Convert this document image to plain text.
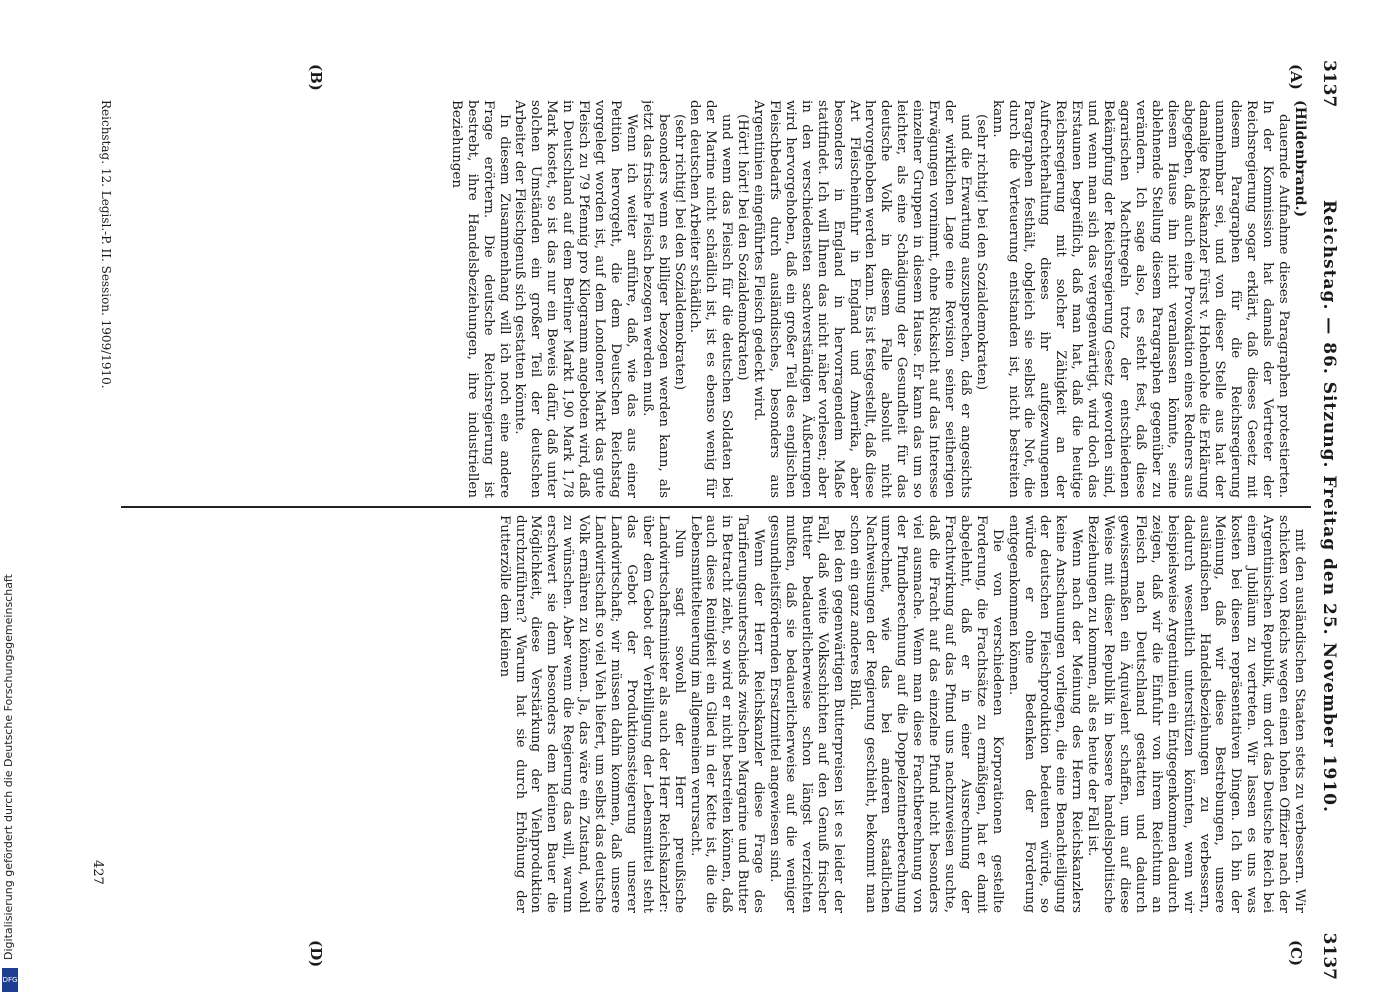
3137
Reichstag. — 86. Sitzung. Freitag den 25. November 1910.
3137
(Hildenbrand.)
(A)
(B)
(C)
(D)

dauernde Aufnahme dieses Paragraphen protestierten. In der Kommission hat damals der Vertreter der Reichsregierung sogar erklärt, daß dieses Gesetz mit diesem Paragraphen für die Reichsregierung unannehmbar sei, und von dieser Stelle aus hat der damalige Reichskanzler Fürst v. Hohenlohe die Erklärung abgegeben, daß auch eine Provokation eines Redners aus diesem Hause ihn nicht veranlassen könnte, seine ablehnende Stellung diesem Paragraphen gegenüber zu verändern. Ich sage also, es steht fest, daß diese agrarischen Machtregeln trotz der entschiedenen Bekämpfung der Reichsregierung Gesetz geworden sind, und wenn man sich das vergegenwärtigt, wird doch das Erstaunen begreiflich, daß man hat, daß die heutige Reichsregierung mit solcher Zähigkeit an der Aufrechterhaltung dieses ihr aufgezwungenen Paragraphen festhält, obgleich sie selbst die Not, die durch die Verteuerung entstanden ist, nicht bestreiten kann.

(sehr richtig! bei den Sozialdemokraten)

und die Erwartung auszusprechen, daß er angesichts der wirklichen Lage eine Revision seiner seitherigen Erwägungen vornimmt, ohne Rücksicht auf das Interesse einzelner Gruppen in diesem Hause. Er kann das um so leichter, als eine Schädigung der Gesundheit für das deutsche Volk in diesem Falle absolut nicht hervorgehoben werden kann. Es ist festgestellt, daß diese Art Fleischeinfuhr in England und Amerika, aber besonders in England in hervorragendem Maße stattfindet. Ich will Ihnen das nicht näher vorlesen; aber in den verschiedensten sachverständigen Äußerungen wird hervorgehoben, daß ein großer Teil des englischen Fleischbedarfs durch ausländisches, besonders aus Argentinien eingeführtes Fleisch gedeckt wird.

(Hört! hört! bei den Sozialdemokraten)

und wenn das Fleisch für die deutschen Soldaten bei der Marine nicht schädlich ist, ist es ebenso wenig für den deutschen Arbeiter schädlich.

(sehr richtig! bei den Sozialdemokraten)

besonders wenn es billiger bezogen werden kann, als jetzt das frische Fleisch bezogen werden muß.

Wenn ich weiter anführe, daß, wie das aus einer Petition hervorgeht, die dem Deutschen Reichstag vorgelegt worden ist, auf dem Londoner Markt das gute Fleisch zu 79 Pfennig pro Kilogramm angeboten wird, daß in Deutschland auf dem Berliner Markt 1,90 Mark 1,78 Mark kostet, so ist das nur ein Beweis dafür, daß unter solchen Umständen ein großer Teil der deutschen Arbeiter der Fleischgenuß sich gestatten könnte.

In diesem Zusammenhang will ich noch eine andere Frage erörtern. Die deutsche Reichsregierung ist bestrebt, ihre Handelsbeziehungen, ihre industriellen Beziehungen

mit den ausländischen Staaten stets zu verbessern. Wir schicken von Reichs wegen einen hohen Offizier nach der Argentinischen Republik, um dort das Deutsche Reich bei einem Jubiläum zu vertreten. Wir lassen es uns was kosten bei diesen repräsentativen Dingen. Ich bin der Meinung, daß wir diese Bestrebungen, unsere ausländischen Handelsbeziehungen zu verbessern, dadurch wesentlich unterstützen könnten, wenn wir beispielsweise Argentinien ein Entgegenkommen dadurch zeigen, daß wir die Einfuhr von ihrem Reichtum an Fleisch nach Deutschland gestatten und dadurch gewissermaßen ein Äquivalent schaffen, um auf diese Weise mit dieser Republik in bessere handelspolitische Beziehungen zu kommen, als es heute der Fall ist.

Wenn nach der Meinung des Herrn Reichskanzlers keine Anschauungen vorliegen, die eine Benachteiligung der deutschen Fleischproduktion bedeuten würde, so würde er ohne Bedenken der Forderung entgegenkommen können.

Die von verschiedenen Korporationen gestellte Forderung, die Frachtsätze zu ermäßigen, hat er damit abgelehnt, daß er in einer Ausrechnung der Frachtwirkung auf das Pfund uns nachzuweisen suchte, daß die Fracht auf das einzelne Pfund nicht besonders viel ausmache. Wenn man diese Frachtberechnung von der Pfundberechnung auf die Doppelzentnerberechnung umrechnet, wie das bei anderen staatlichen Nachweisungen der Regierung geschieht, bekommt man schon ein ganz anderes Bild.

Bei den gegenwärtigen Butterpreisen ist es leider der Fall, daß weite Volksschichten auf den Genuß frischer Butter bedauerlicherweise schon längst verzichten mußten, daß sie bedauerlicherweise auf die weniger gesundheitsfördernden Ersatzmittel angewiesen sind.

Wenn der Herr Reichskanzler diese Frage des Tarifierungsunterschieds zwischen Margarine und Butter in Betracht zieht, so wird er nicht bestreiten können, daß auch diese Reinigkeit ein Glied in der Kette ist, die die Lebensmittelteuerung im allgemeinen verursacht.

Nun sagt sowohl der Herr preußische Landwirtschaftsminister als auch der Herr Reichskanzler: über dem Gebot der Verbilligung der Lebensmittel steht das Gebot der Produktionssteigerung unserer Landwirtschaft; wir müssen dahin kommen, daß unsere Landwirtschaft so viel Vieh liefert, um selbst das deutsche Volk ernähren zu können. Ja, das wäre ein Zustand, wohl zu wünschen. Aber wenn die Regierung das will, warum erschwert sie denn besonders dem kleinen Bauer die Möglichkeit, diese Verstärkung der Viehproduktion durchzuführen? Warum hat sie durch Erhöhung der Futterzölle dem kleinen

Reichstag. 12. Legisl.-P. II. Session. 1909/1910.
427
Digitalisierung gefördert durch die Deutsche Forschungsgemeinschaft
DFG
